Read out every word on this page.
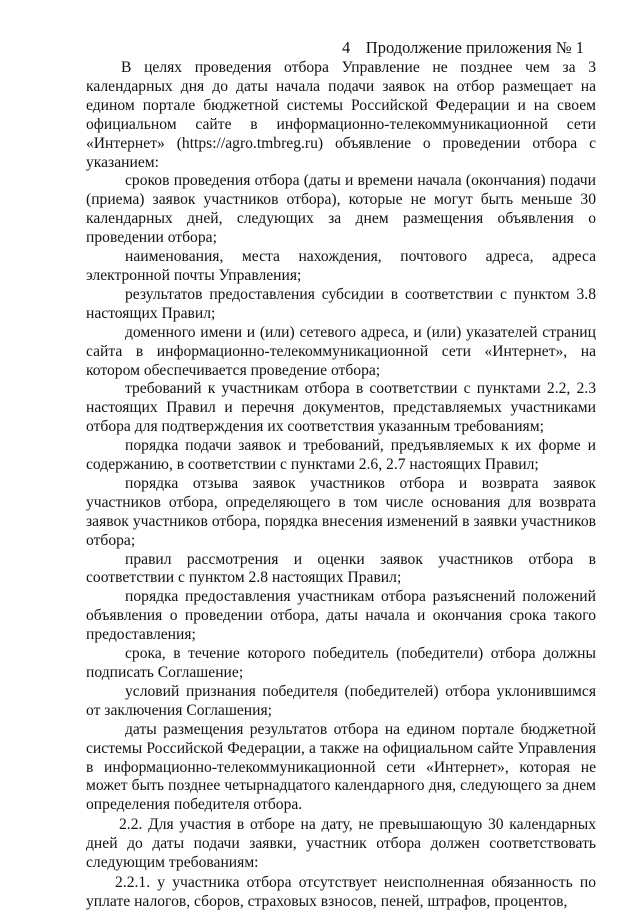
4 Продолжение приложения № 1

В целях проведения отбора Управление не позднее чем за 3 календарных дня до даты начала подачи заявок на отбор размещает на едином портале бюджетной системы Российской Федерации и на своем официальном сайте в информационно-телекоммуникационной сети «Интернет» (https://agro.tmbreg.ru) объявление о проведении отбора с указанием:

сроков проведения отбора (даты и времени начала (окончания) подачи (приема) заявок участников отбора), которые не могут быть меньше 30 календарных дней, следующих за днем размещения объявления о проведении отбора;

наименования, места нахождения, почтового адреса, адреса электронной почты Управления;

результатов предоставления субсидии в соответствии с пунктом 3.8 настоящих Правил;

доменного имени и (или) сетевого адреса, и (или) указателей страниц сайта в информационно-телекоммуникационной сети «Интернет», на котором обеспечивается проведение отбора;

требований к участникам отбора в соответствии с пунктами 2.2, 2.3 настоящих Правил и перечня документов, представляемых участниками отбора для подтверждения их соответствия указанным требованиям;

порядка подачи заявок и требований, предъявляемых к их форме и содержанию, в соответствии с пунктами 2.6, 2.7 настоящих Правил;

порядка отзыва заявок участников отбора и возврата заявок участников отбора, определяющего в том числе основания для возврата заявок участников отбора, порядка внесения изменений в заявки участников отбора;

правил рассмотрения и оценки заявок участников отбора в соответствии с пунктом 2.8 настоящих Правил;

порядка предоставления участникам отбора разъяснений положений объявления о проведении отбора, даты начала и окончания срока такого предоставления;

срока, в течение которого победитель (победители) отбора должны подписать Соглашение;

условий признания победителя (победителей) отбора уклонившимся от заключения Соглашения;

даты размещения результатов отбора на едином портале бюджетной системы Российской Федерации, а также на официальном сайте Управления в информационно-телекоммуникационной сети «Интернет», которая не может быть позднее четырнадцатого календарного дня, следующего за днем определения победителя отбора.

2.2. Для участия в отборе на дату, не превышающую 30 календарных дней до даты подачи заявки, участник отбора должен соответствовать следующим требованиям:

2.2.1. у участника отбора отсутствует неисполненная обязанность по уплате налогов, сборов, страховых взносов, пеней, штрафов, процентов,
